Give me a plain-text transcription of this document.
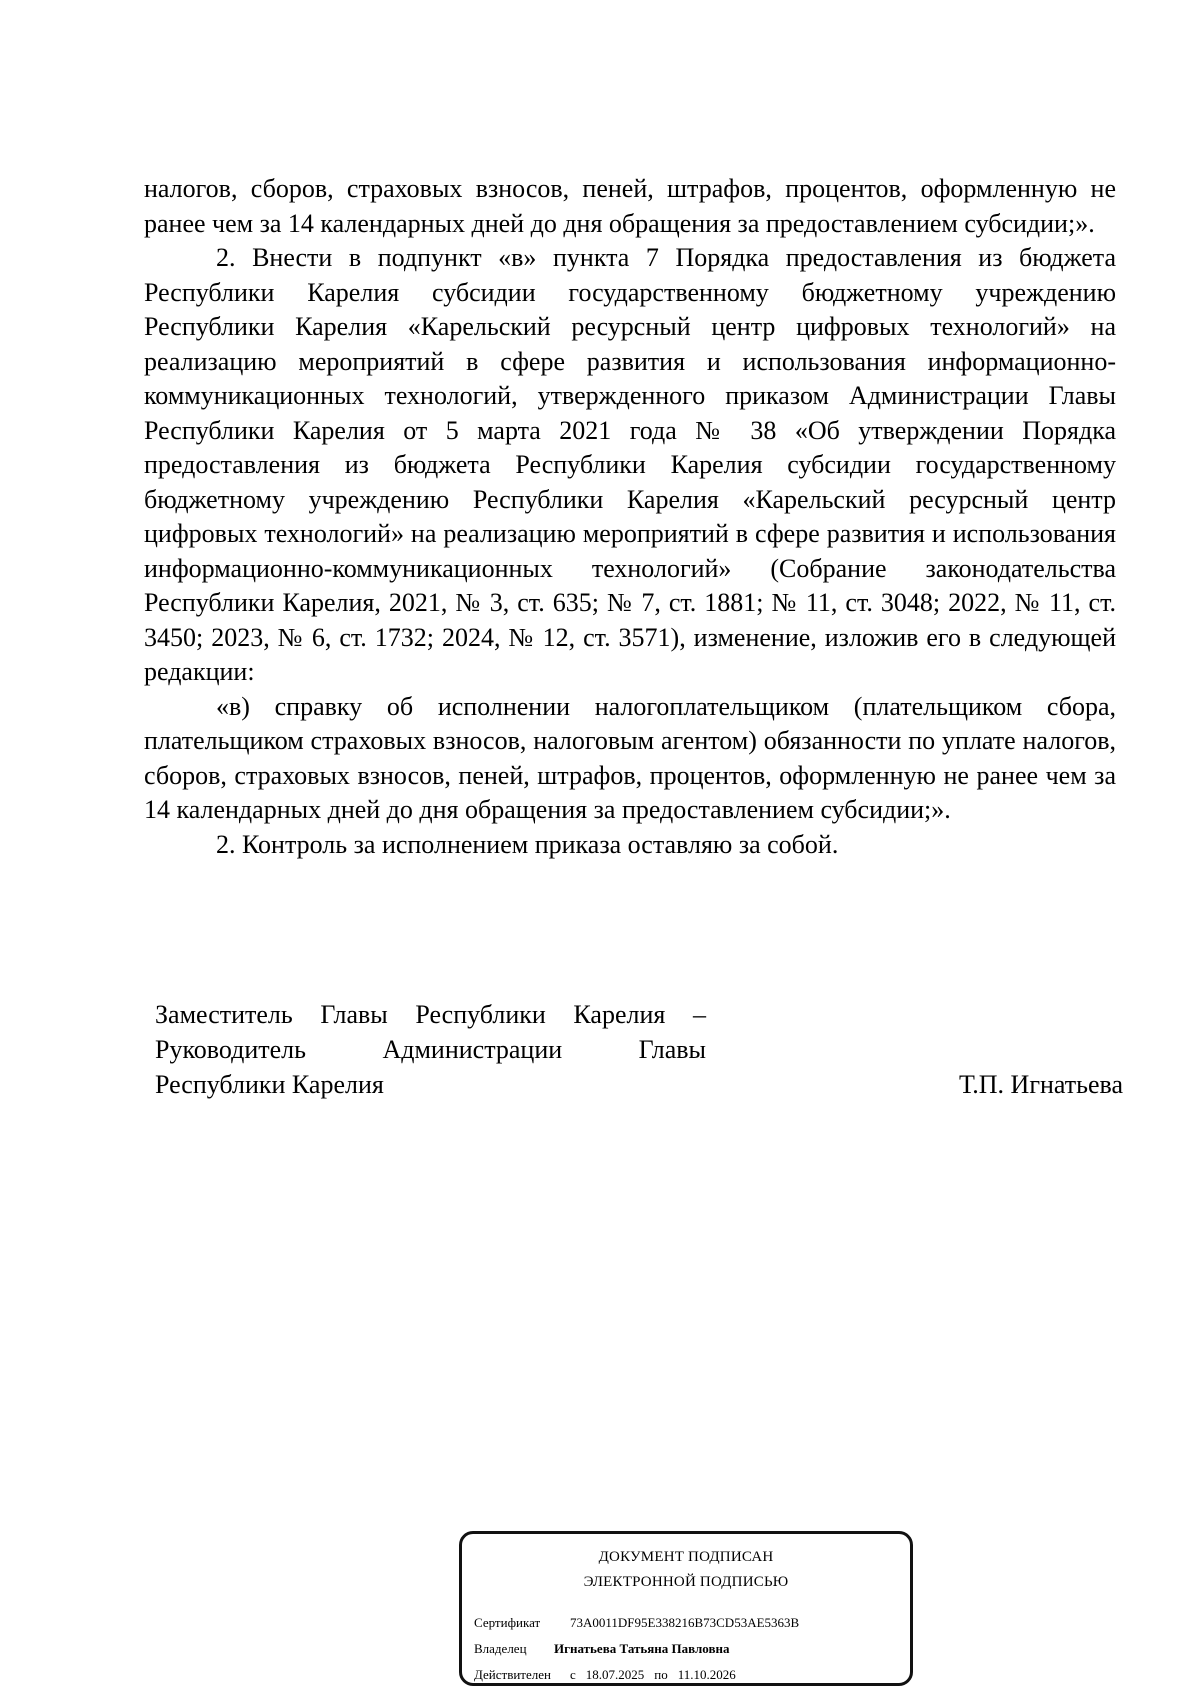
налогов, сборов, страховых взносов, пеней, штрафов, процентов, оформленную не ранее чем за 14 календарных дней до дня обращения за предоставлением субсидии;».

2. Внести в подпункт «в» пункта 7 Порядка предоставления из бюджета Республики Карелия субсидии государственному бюджетному учреждению Республики Карелия «Карельский ресурсный центр цифровых технологий» на реализацию мероприятий в сфере развития и использования информационно-коммуникационных технологий, утвержденного приказом Администрации Главы Республики Карелия от 5 марта 2021 года № 38 «Об утверждении Порядка предоставления из бюджета Республики Карелия субсидии государственному бюджетному учреждению Республики Карелия «Карельский ресурсный центр цифровых технологий» на реализацию мероприятий в сфере развития и использования информационно-коммуникационных технологий» (Собрание законодательства Республики Карелия, 2021, № 3, ст. 635; № 7, ст. 1881; № 11, ст. 3048; 2022, № 11, ст. 3450; 2023, № 6, ст. 1732; 2024, № 12, ст. 3571), изменение, изложив его в следующей редакции:

«в) справку об исполнении налогоплательщиком (плательщиком сбора, плательщиком страховых взносов, налоговым агентом) обязанности по уплате налогов, сборов, страховых взносов, пеней, штрафов, процентов, оформленную не ранее чем за 14 календарных дней до дня обращения за предоставлением субсидии;».

2. Контроль за исполнением приказа оставляю за собой.

Заместитель Главы Республики Карелия –
Руководитель Администрации Главы
Республики Карелия	Т.П. Игнатьева
ДОКУМЕНТ ПОДПИСАН
ЭЛЕКТРОННОЙ ПОДПИСЬЮ
Сертификат 73A0011DF95E338216B73CD53AE5363B
Владелец Игнатьева Татьяна Павловна
Действителен с 18.07.2025 по 11.10.2026
